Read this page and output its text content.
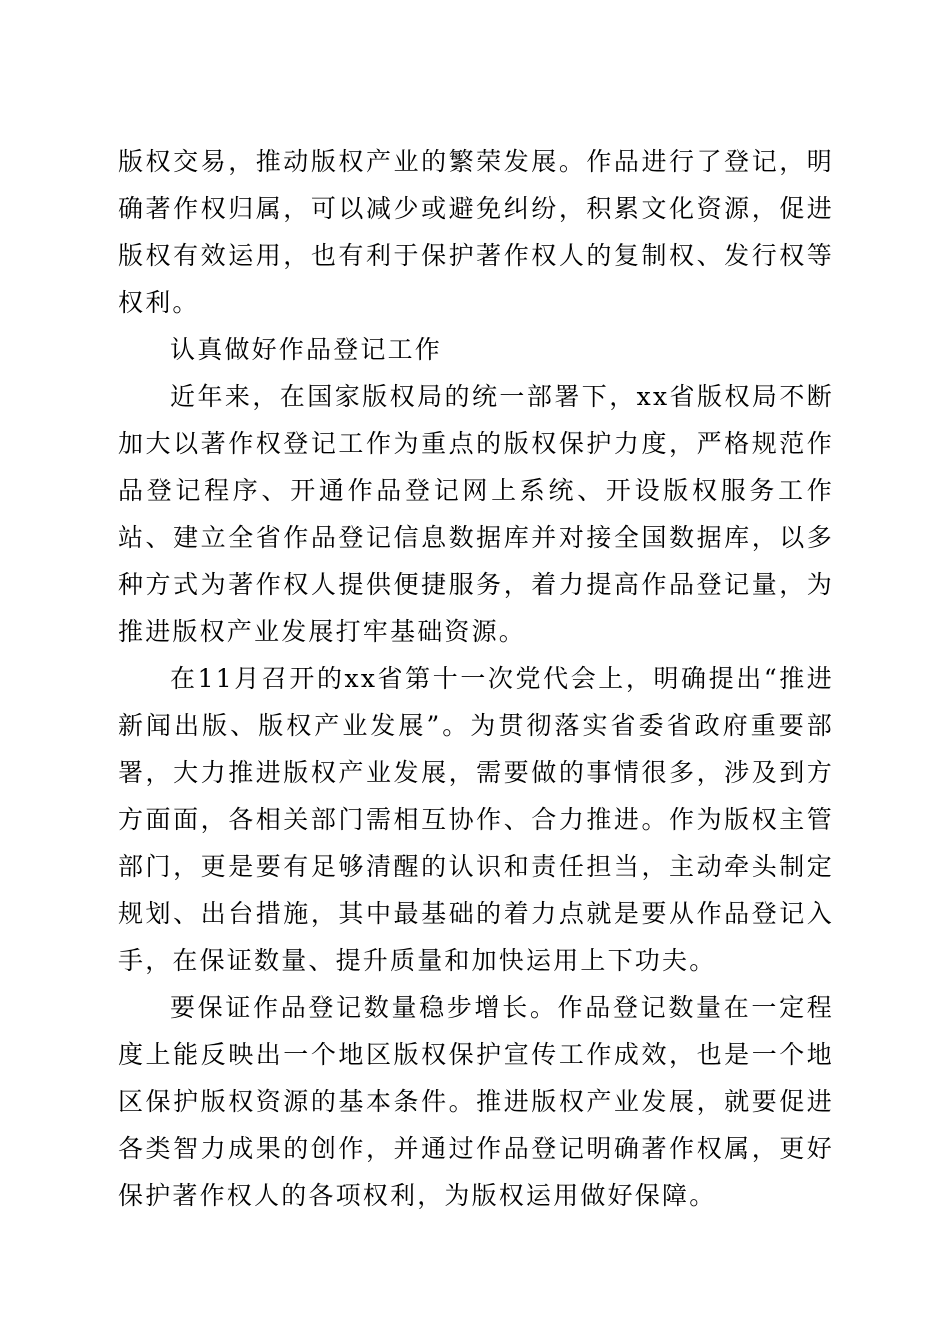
版权交易，推动版权产业的繁荣发展。作品进行了登记，明确著作权归属，可以减少或避免纠纷，积累文化资源，促进版权有效运用，也有利于保护著作权人的复制权、发行权等权利。

认真做好作品登记工作

近年来，在国家版权局的统一部署下，xx省版权局不断加大以著作权登记工作为重点的版权保护力度，严格规范作品登记程序、开通作品登记网上系统、开设版权服务工作站、建立全省作品登记信息数据库并对接全国数据库，以多种方式为著作权人提供便捷服务，着力提高作品登记量，为推进版权产业发展打牢基础资源。

在11月召开的xx省第十一次党代会上，明确提出“推进新闻出版、版权产业发展”。为贯彻落实省委省政府重要部署，大力推进版权产业发展，需要做的事情很多，涉及到方方面面，各相关部门需相互协作、合力推进。作为版权主管部门，更是要有足够清醒的认识和责任担当，主动牵头制定规划、出台措施，其中最基础的着力点就是要从作品登记入手，在保证数量、提升质量和加快运用上下功夫。

要保证作品登记数量稳步增长。作品登记数量在一定程度上能反映出一个地区版权保护宣传工作成效，也是一个地区保护版权资源的基本条件。推进版权产业发展，就要促进各类智力成果的创作，并通过作品登记明确著作权属，更好保护著作权人的各项权利，为版权运用做好保障。
